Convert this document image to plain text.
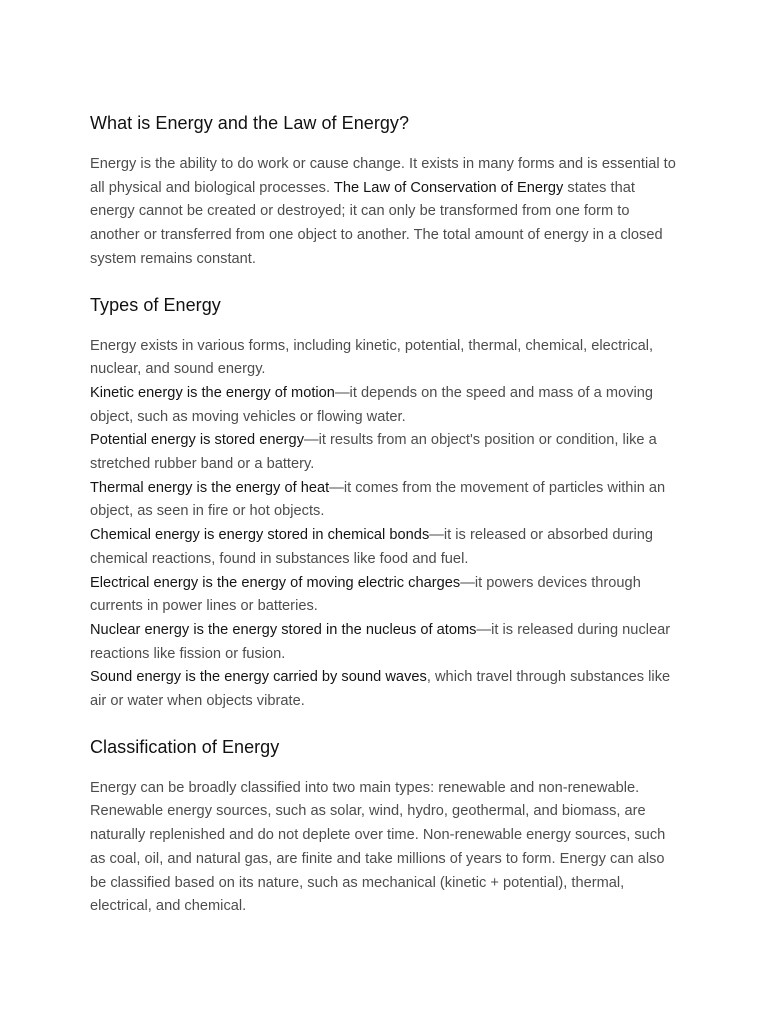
What is Energy and the Law of Energy?

Energy is the ability to do work or cause change. It exists in many forms and is essential to all physical and biological processes. The Law of Conservation of Energy states that energy cannot be created or destroyed; it can only be transformed from one form to another or transferred from one object to another. The total amount of energy in a closed system remains constant.

Types of Energy

Energy exists in various forms, including kinetic, potential, thermal, chemical, electrical, nuclear, and sound energy.

Kinetic energy is the energy of motion—it depends on the speed and mass of a moving object, such as moving vehicles or flowing water.

Potential energy is stored energy—it results from an object's position or condition, like a stretched rubber band or a battery.

Thermal energy is the energy of heat—it comes from the movement of particles within an object, as seen in fire or hot objects.

Chemical energy is energy stored in chemical bonds—it is released or absorbed during chemical reactions, found in substances like food and fuel.

Electrical energy is the energy of moving electric charges—it powers devices through currents in power lines or batteries.

Nuclear energy is the energy stored in the nucleus of atoms—it is released during nuclear reactions like fission or fusion.

Sound energy is the energy carried by sound waves, which travel through substances like air or water when objects vibrate.

Classification of Energy

Energy can be broadly classified into two main types: renewable and non-renewable. Renewable energy sources, such as solar, wind, hydro, geothermal, and biomass, are naturally replenished and do not deplete over time. Non-renewable energy sources, such as coal, oil, and natural gas, are finite and take millions of years to form. Energy can also be classified based on its nature, such as mechanical (kinetic + potential), thermal, electrical, and chemical.
